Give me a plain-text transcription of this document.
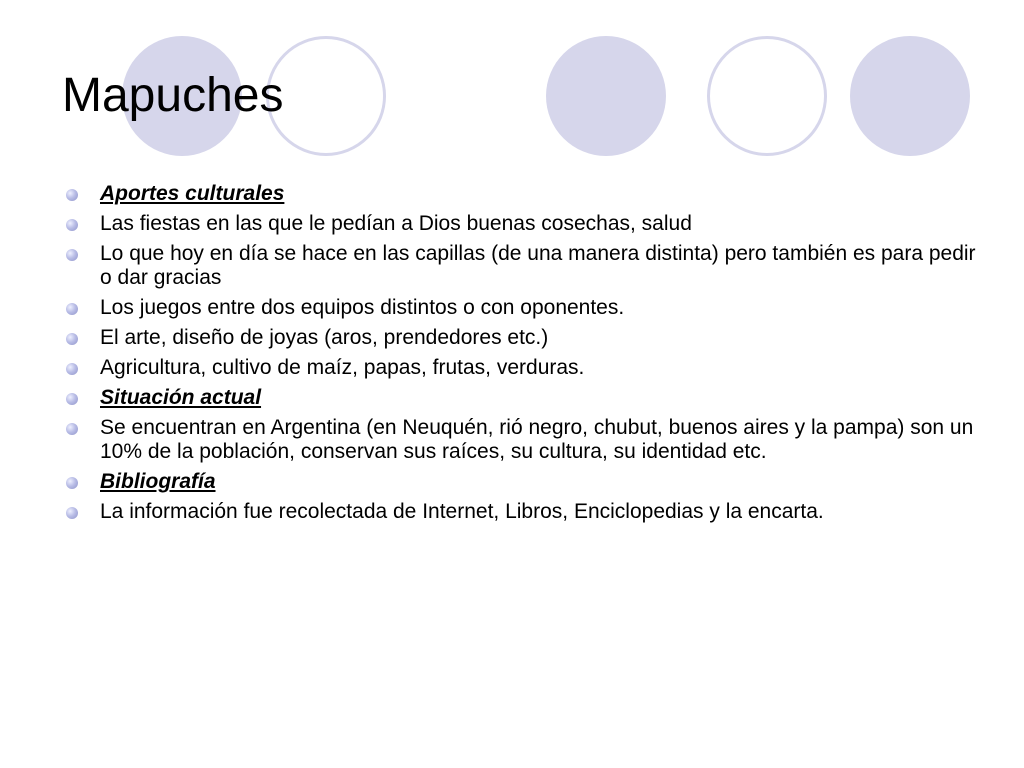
Mapuches
Aportes culturales
Las fiestas en las que le pedían a Dios buenas cosechas, salud
Lo que hoy en día se hace en las capillas (de una manera distinta) pero también es para pedir o dar gracias
Los juegos entre dos equipos distintos o con oponentes.
El arte, diseño de joyas (aros, prendedores etc.)
Agricultura, cultivo de maíz, papas, frutas, verduras.
Situación actual
Se encuentran en Argentina (en Neuquén, rió negro, chubut, buenos aires y la pampa) son un 10% de la población, conservan sus raíces, su cultura, su identidad etc.
Bibliografía
La información fue recolectada de Internet, Libros, Enciclopedias y la encarta.
